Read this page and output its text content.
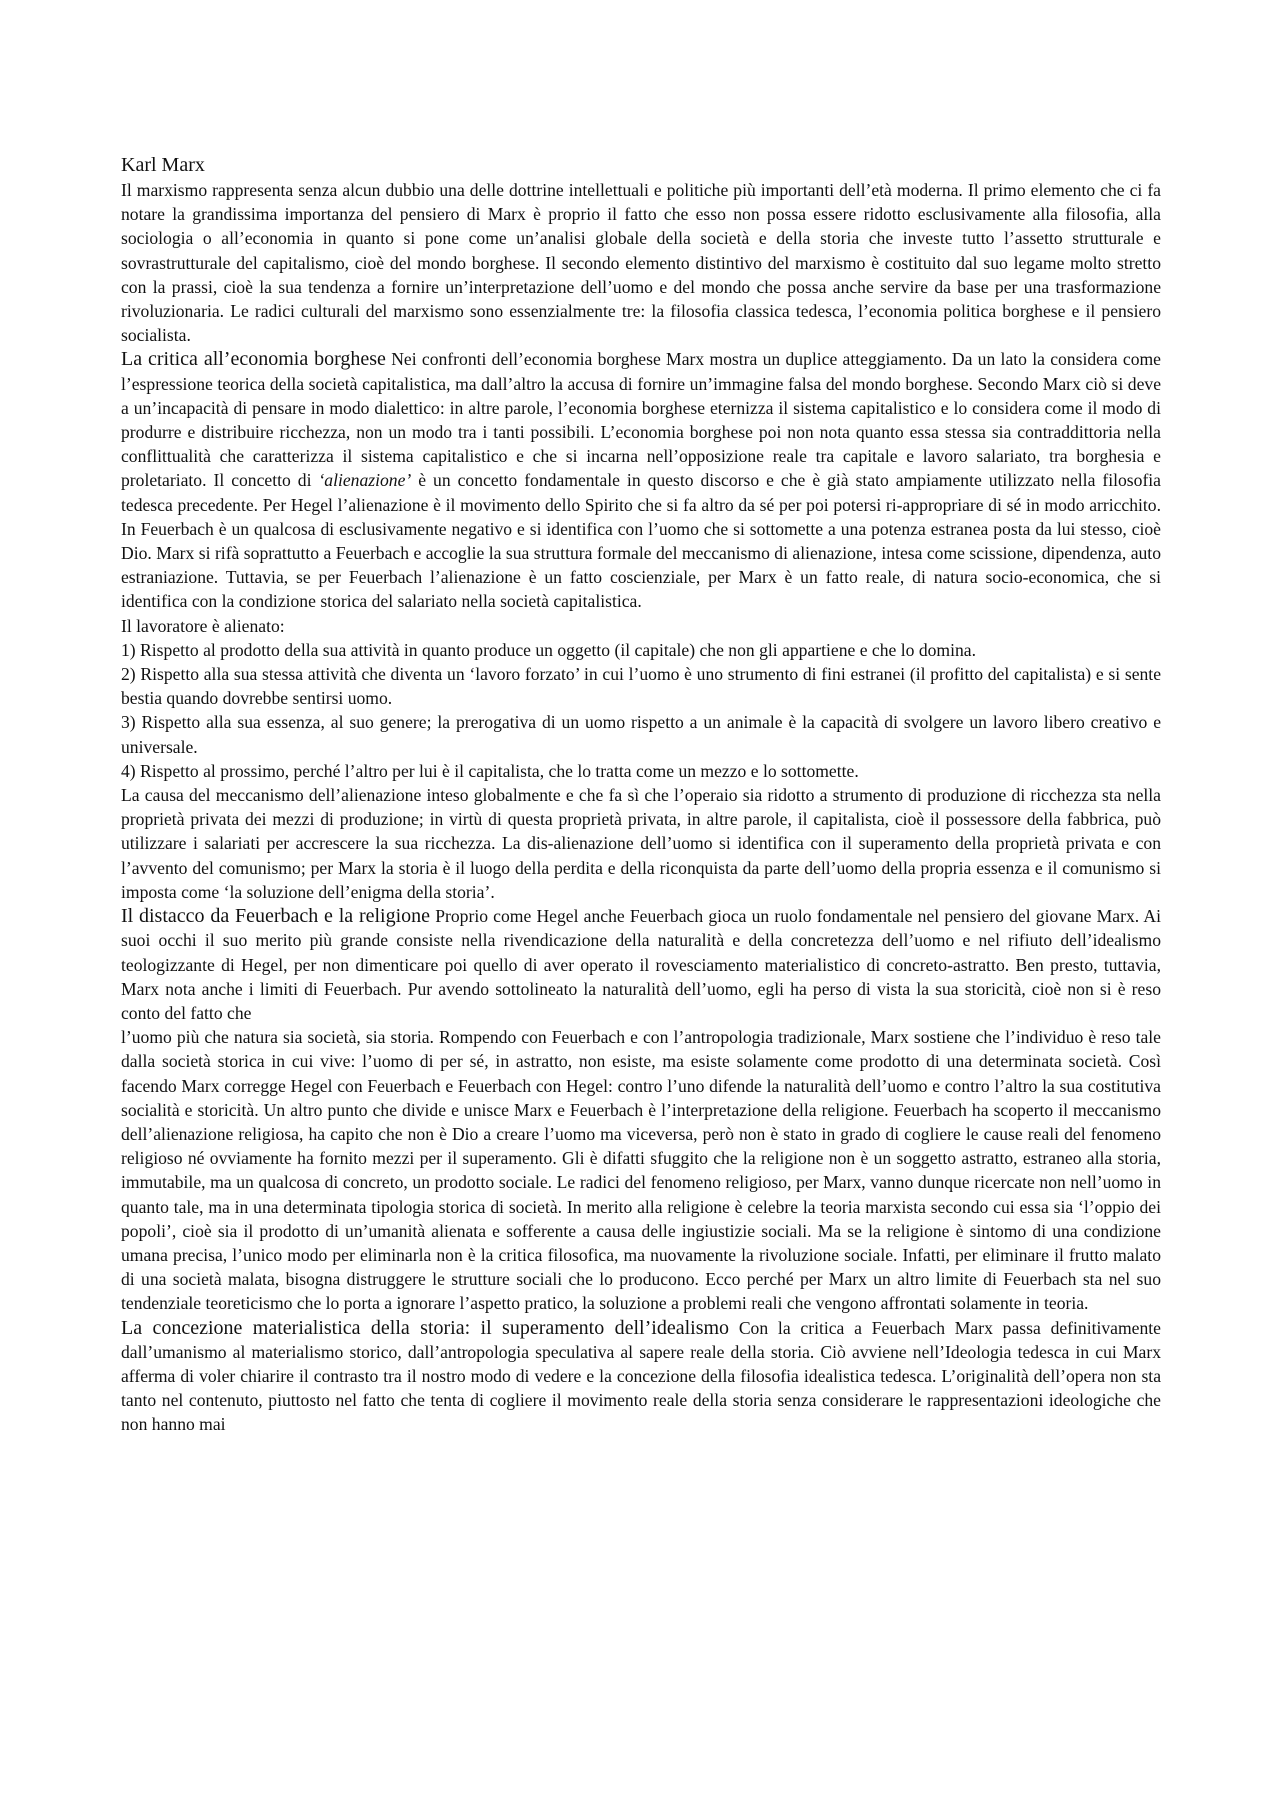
Karl Marx

Il marxismo rappresenta senza alcun dubbio una delle dottrine intellettuali e politiche più importanti dell’età moderna. Il primo elemento che ci fa notare la grandissima importanza del pensiero di Marx è proprio il fatto che esso non possa essere ridotto esclusivamente alla filosofia, alla sociologia o all’economia in quanto si pone come un’analisi globale della società e della storia che investe tutto l’assetto strutturale e sovrastrutturale del capitalismo, cioè del mondo borghese. Il secondo elemento distintivo del marxismo è costituito dal suo legame molto stretto con la prassi, cioè la sua tendenza a fornire un’interpretazione dell’uomo e del mondo che possa anche servire da base per una trasformazione rivoluzionaria. Le radici culturali del marxismo sono essenzialmente tre: la filosofia classica tedesca, l’economia politica borghese e il pensiero socialista.

La critica all’economia borghese Nei confronti dell’economia borghese Marx mostra un duplice atteggiamento. Da un lato la considera come l’espressione teorica della società capitalistica, ma dall’altro la accusa di fornire un’immagine falsa del mondo borghese. Secondo Marx ciò si deve a un’incapacità di pensare in modo dialettico: in altre parole, l’economia borghese eternizza il sistema capitalistico e lo considera come il modo di produrre e distribuire ricchezza, non un modo tra i tanti possibili. L’economia borghese poi non nota quanto essa stessa sia contraddittoria nella conflittualità che caratterizza il sistema capitalistico e che si incarna nell’opposizione reale tra capitale e lavoro salariato, tra borghesia e proletariato. Il concetto di ‘alienazione’ è un concetto fondamentale in questo discorso e che è già stato ampiamente utilizzato nella filosofia tedesca precedente. Per Hegel l’alienazione è il movimento dello Spirito che si fa altro da sé per poi potersi ri-appropriare di sé in modo arricchito. In Feuerbach è un qualcosa di esclusivamente negativo e si identifica con l’uomo che si sottomette a una potenza estranea posta da lui stesso, cioè Dio. Marx si rifà soprattutto a Feuerbach e accoglie la sua struttura formale del meccanismo di alienazione, intesa come scissione, dipendenza, auto estraniazione. Tuttavia, se per Feuerbach l’alienazione è un fatto coscienziale, per Marx è un fatto reale, di natura socio-economica, che si identifica con la condizione storica del salariato nella società capitalistica.

Il lavoratore è alienato:

1) Rispetto al prodotto della sua attività in quanto produce un oggetto (il capitale) che non gli appartiene e che lo domina.

2) Rispetto alla sua stessa attività che diventa un ‘lavoro forzato’ in cui l’uomo è uno strumento di fini estranei (il profitto del capitalista) e si sente bestia quando dovrebbe sentirsi uomo.

3) Rispetto alla sua essenza, al suo genere; la prerogativa di un uomo rispetto a un animale è la capacità di svolgere un lavoro libero creativo e universale.

4) Rispetto al prossimo, perché l’altro per lui è il capitalista, che lo tratta come un mezzo e lo sottomette.

La causa del meccanismo dell’alienazione inteso globalmente e che fa sì che l’operaio sia ridotto a strumento di produzione di ricchezza sta nella proprietà privata dei mezzi di produzione; in virtù di questa proprietà privata, in altre parole, il capitalista, cioè il possessore della fabbrica, può utilizzare i salariati per accrescere la sua ricchezza. La dis-alienazione dell’uomo si identifica con il superamento della proprietà privata e con l’avvento del comunismo; per Marx la storia è il luogo della perdita e della riconquista da parte dell’uomo della propria essenza e il comunismo si imposta come ‘la soluzione dell’enigma della storia’.

Il distacco da Feuerbach e la religione Proprio come Hegel anche Feuerbach gioca un ruolo fondamentale nel pensiero del giovane Marx. Ai suoi occhi il suo merito più grande consiste nella rivendicazione della naturalità e della concretezza dell’uomo e nel rifiuto dell’idealismo teologizzante di Hegel, per non dimenticare poi quello di aver operato il rovesciamento materialistico di concreto-astratto. Ben presto, tuttavia, Marx nota anche i limiti di Feuerbach. Pur avendo sottolineato la naturalità dell’uomo, egli ha perso di vista la sua storicità, cioè non si è reso conto del fatto che

l’uomo più che natura sia società, sia storia. Rompendo con Feuerbach e con l’antropologia tradizionale, Marx sostiene che l’individuo è reso tale dalla società storica in cui vive: l’uomo di per sé, in astratto, non esiste, ma esiste solamente come prodotto di una determinata società. Così facendo Marx corregge Hegel con Feuerbach e Feuerbach con Hegel: contro l’uno difende la naturalità dell’uomo e contro l’altro la sua costitutiva socialità e storicità. Un altro punto che divide e unisce Marx e Feuerbach è l’interpretazione della religione. Feuerbach ha scoperto il meccanismo dell’alienazione religiosa, ha capito che non è Dio a creare l’uomo ma viceversa, però non è stato in grado di cogliere le cause reali del fenomeno religioso né ovviamente ha fornito mezzi per il superamento. Gli è difatti sfuggito che la religione non è un soggetto astratto, estraneo alla storia, immutabile, ma un qualcosa di concreto, un prodotto sociale. Le radici del fenomeno religioso, per Marx, vanno dunque ricercate non nell’uomo in quanto tale, ma in una determinata tipologia storica di società. In merito alla religione è celebre la teoria marxista secondo cui essa sia ‘l’oppio dei popoli’, cioè sia il prodotto di un’umanità alienata e sofferente a causa delle ingiustizie sociali. Ma se la religione è sintomo di una condizione umana precisa, l’unico modo per eliminarla non è la critica filosofica, ma nuovamente la rivoluzione sociale. Infatti, per eliminare il frutto malato di una società malata, bisogna distruggere le strutture sociali che lo producono. Ecco perché per Marx un altro limite di Feuerbach sta nel suo tendenziale teoreticismo che lo porta a ignorare l’aspetto pratico, la soluzione a problemi reali che vengono affrontati solamente in teoria.

La concezione materialistica della storia: il superamento dell’idealismo Con la critica a Feuerbach Marx passa definitivamente dall’umanismo al materialismo storico, dall’antropologia speculativa al sapere reale della storia. Ciò avviene nell’Ideologia tedesca in cui Marx afferma di voler chiarire il contrasto tra il nostro modo di vedere e la concezione della filosofia idealistica tedesca. L’originalità dell’opera non sta tanto nel contenuto, piuttosto nel fatto che tenta di cogliere il movimento reale della storia senza considerare le rappresentazioni ideologiche che non hanno mai
